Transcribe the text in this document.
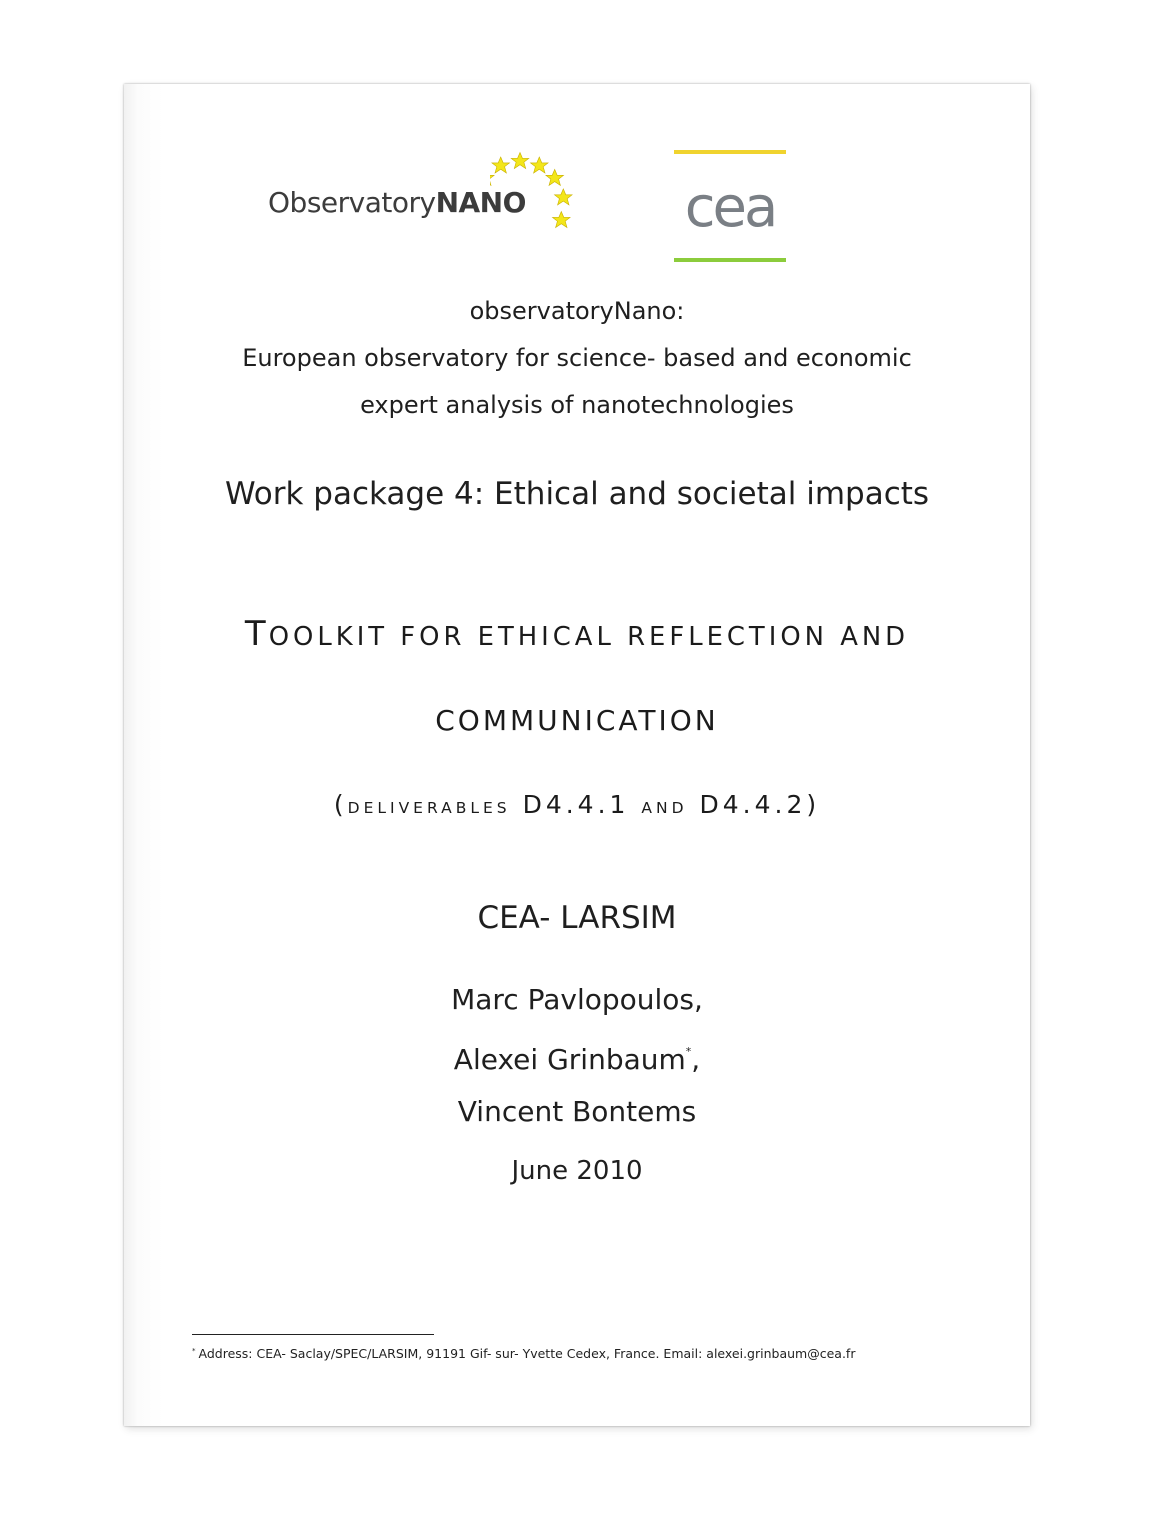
ObservatoryNANO	cea
observatoryNano:
European observatory for science- based and economic
expert analysis of nanotechnologies
Work package 4: Ethical and societal impacts
TOOLKIT FOR ETHICAL REFLECTION AND
COMMUNICATION
(DELIVERABLES D4.4.1 AND D4.4.2)
CEA- LARSIM
Marc Pavlopoulos,
Alexei Grinbaum*,
Vincent Bontems
June 2010
* Address: CEA- Saclay/SPEC/LARSIM, 91191 Gif- sur- Yvette Cedex, France. Email: alexei.grinbaum@cea.fr
